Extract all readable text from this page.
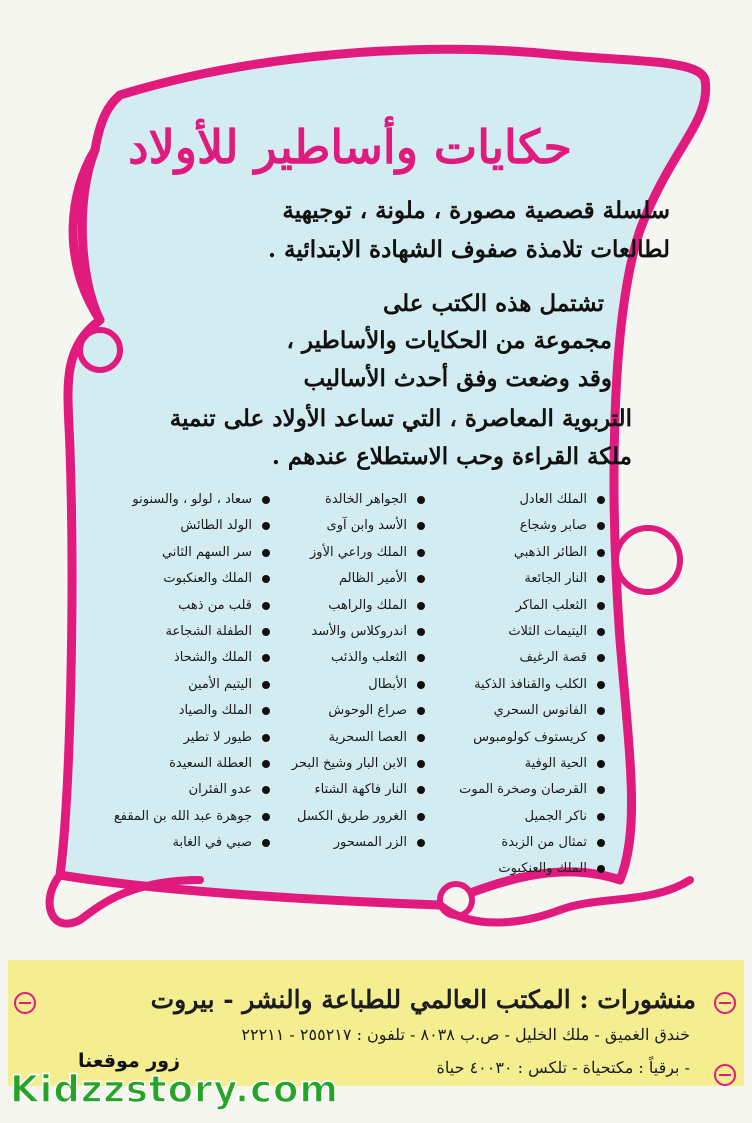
حكايات وأساطير للأولاد
سلسلة قصصية مصورة ، ملونة ، توجيهية
لطالعات تلامذة صفوف الشهادة الابتدائية .
تشتمل هذه الكتب على
مجموعة من الحكايات والأساطير ،
وقد وضعت وفق أحدث الأساليب
التربوية المعاصرة ، التي تساعد الأولاد على تنمية
ملكة القراءة وحب الاستطلاع عندهم .
الملك العادل
صابر وشجاع
الطائر الذهبي
النار الجائعة
الثعلب الماكر
اليتيمات الثلاث
قصة الرغيف
الكلب والقنافذ الذكية
الفانوس السحري
كريستوف كولومبوس
الحية الوفية
القرصان وصخرة الموت
ناكر الجميل
تمثال من الزبدة
الملك والعنكبوت
الجواهر الخالدة
الأسد وابن آوى
الملك وراعي الأوز
الأمير الظالم
الملك والراهب
اندروكلاس والأسد
الثعلب والذئب
الأبطال
صراع الوحوش
العصا السحرية
الابن البار وشيخ البحر
النار فاكهة الشتاء
الغرور طريق الكسل
الزر المسحور
سعاد ، لولو ، والسنونو
الولد الطائش
سر السهم الثاني
الملك والعنكبوت
قلب من ذهب
الطفلة الشجاعة
الملك والشحاذ
اليتيم الأمين
الملك والصياد
طيور لا تطير
العطلة السعيدة
عدو الفئران
جوهرة عبد الله بن المقفع
صبي في الغابة
منشورات : المكتب العالمي للطباعة والنشر - بيروت
خندق الغميق - ملك الخليل - ص.ب ٨٠٣٨ - تلفون : ٢٥٥٢١٧ - ٢٢٢١١
- برقياً : مكتحياة - تلكس : ٤٠٠٣٠ حياة
زور موقعنا
Kidzzstory.com
